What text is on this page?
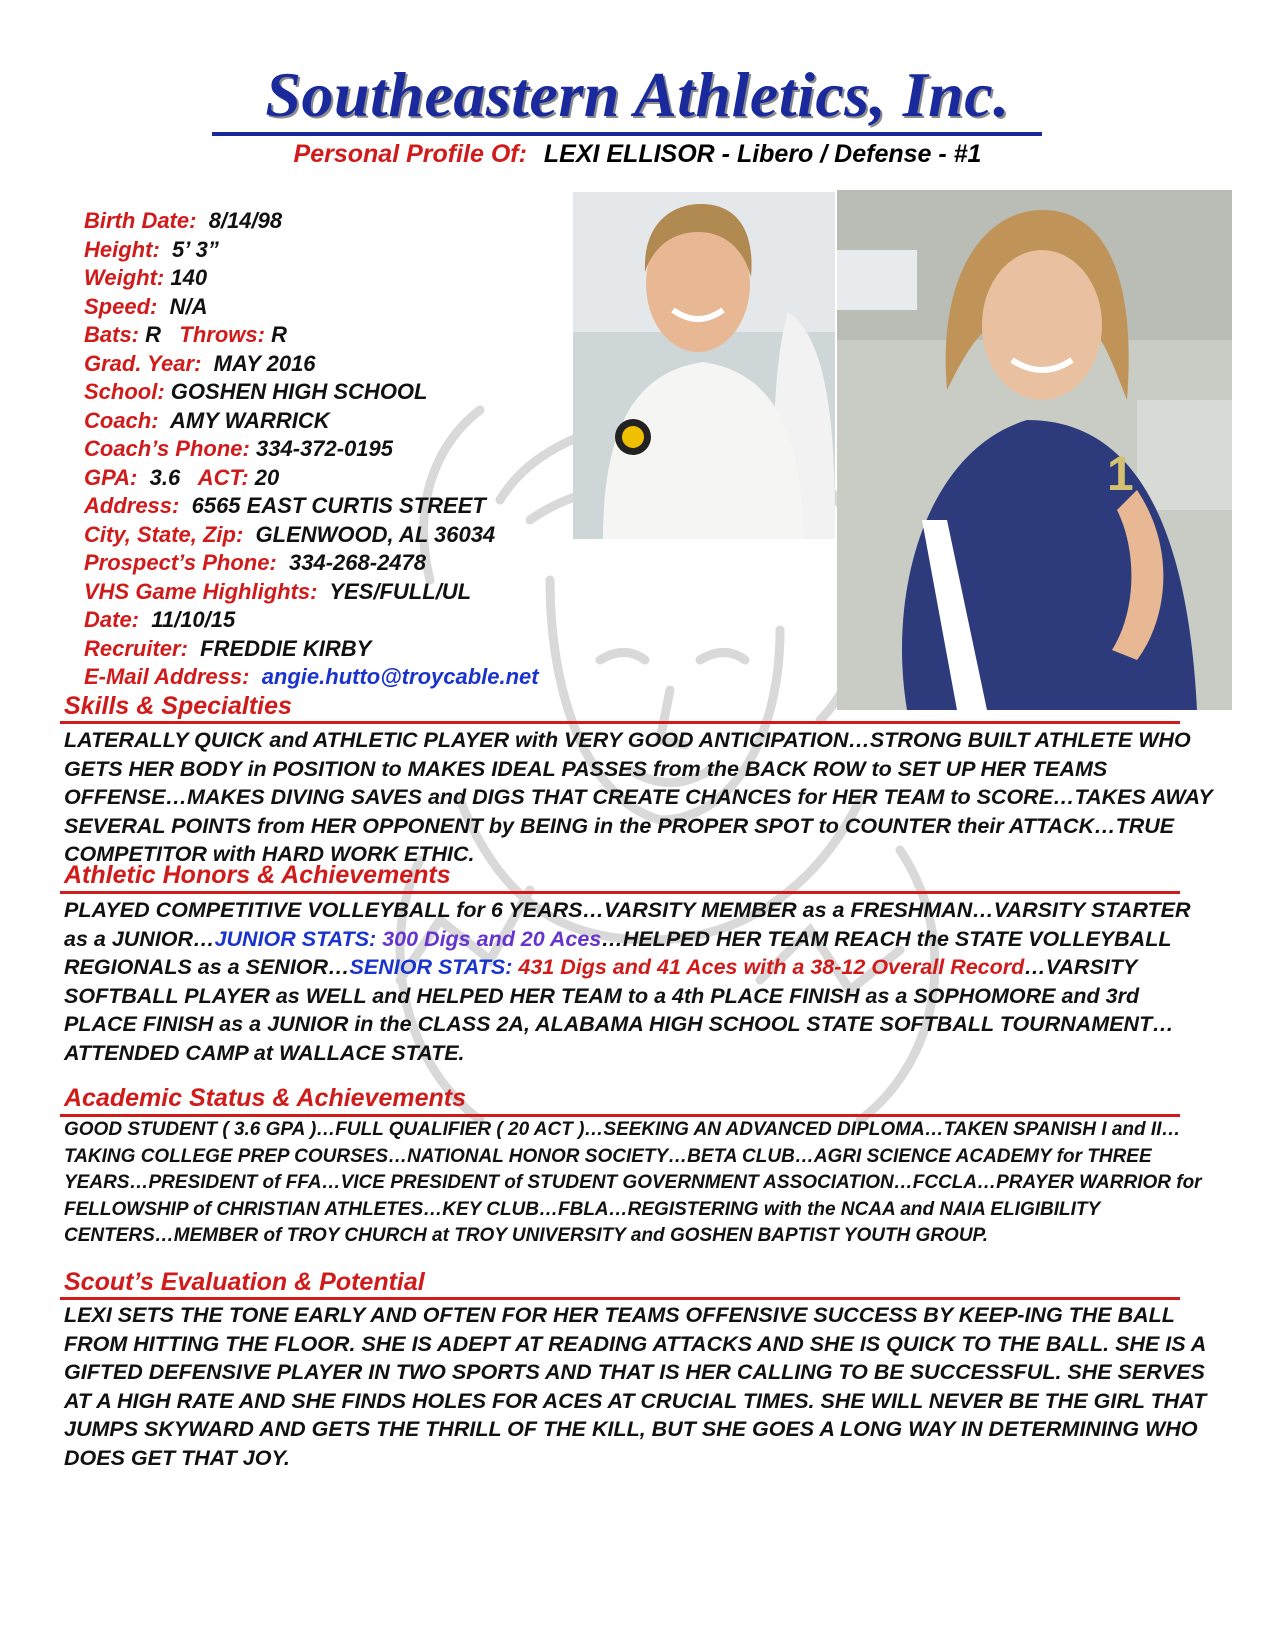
Southeastern Athletics, Inc.
Personal Profile Of: LEXI ELLISOR - Libero / Defense - #1
Birth Date: 8/14/98
Height: 5’ 3”
Weight: 140
Speed: N/A
Bats: R Throws: R
Grad. Year: MAY 2016
School: GOSHEN HIGH SCHOOL
Coach: AMY WARRICK
Coach’s Phone: 334-372-0195
GPA: 3.6 ACT: 20
Address: 6565 EAST CURTIS STREET
City, State, Zip: GLENWOOD, AL 36034
Prospect’s Phone: 334-268-2478
VHS Game Highlights: YES/FULL/UL
Date: 11/10/15
Recruiter: FREDDIE KIRBY
E-Mail Address: angie.hutto@troycable.net
1
Skills & Specialties
LATERALLY QUICK and ATHLETIC PLAYER with VERY GOOD ANTICIPATION…STRONG BUILT ATHLETE WHO GETS HER BODY in POSITION to MAKES IDEAL PASSES from the BACK ROW to SET UP HER TEAMS OFFENSE…MAKES DIVING SAVES and DIGS THAT CREATE CHANCES for HER TEAM to SCORE…TAKES AWAY SEVERAL POINTS from HER OPPONENT by BEING in the PROPER SPOT to COUNTER their ATTACK…TRUE COMPETITOR with HARD WORK ETHIC.
Athletic Honors & Achievements
PLAYED COMPETITIVE VOLLEYBALL for 6 YEARS…VARSITY MEMBER as a FRESHMAN…VARSITY STARTER as a JUNIOR…JUNIOR STATS: 300 Digs and 20 Aces…HELPED HER TEAM REACH the STATE VOLLEYBALL REGIONALS as a SENIOR…SENIOR STATS: 431 Digs and 41 Aces with a 38-12 Overall Record…VARSITY SOFTBALL PLAYER as WELL and HELPED HER TEAM to a 4th PLACE FINISH as a SOPHOMORE and 3rd PLACE FINISH as a JUNIOR in the CLASS 2A, ALABAMA HIGH SCHOOL STATE SOFTBALL TOURNAMENT…ATTENDED CAMP at WALLACE STATE.
Academic Status & Achievements
GOOD STUDENT ( 3.6 GPA )…FULL QUALIFIER ( 20 ACT )…SEEKING AN ADVANCED DIPLOMA…TAKEN SPANISH I and II…TAKING COLLEGE PREP COURSES…NATIONAL HONOR SOCIETY…BETA CLUB…AGRI SCIENCE ACADEMY for THREE YEARS…PRESIDENT of FFA…VICE PRESIDENT of STUDENT GOVERNMENT ASSOCIATION…FCCLA…PRAYER WARRIOR for FELLOWSHIP of CHRISTIAN ATHLETES…KEY CLUB…FBLA…REGISTERING with the NCAA and NAIA ELIGIBILITY CENTERS…MEMBER of TROY CHURCH at TROY UNIVERSITY and GOSHEN BAPTIST YOUTH GROUP.
Scout’s Evaluation & Potential
LEXI SETS THE TONE EARLY AND OFTEN FOR HER TEAMS OFFENSIVE SUCCESS BY KEEP-ING THE BALL FROM HITTING THE FLOOR. SHE IS ADEPT AT READING ATTACKS AND SHE IS QUICK TO THE BALL. SHE IS A GIFTED DEFENSIVE PLAYER IN TWO SPORTS AND THAT IS HER CALLING TO BE SUCCESSFUL. SHE SERVES AT A HIGH RATE AND SHE FINDS HOLES FOR ACES AT CRUCIAL TIMES. SHE WILL NEVER BE THE GIRL THAT JUMPS SKYWARD AND GETS THE THRILL OF THE KILL, BUT SHE GOES A LONG WAY IN DETERMINING WHO DOES GET THAT JOY.
